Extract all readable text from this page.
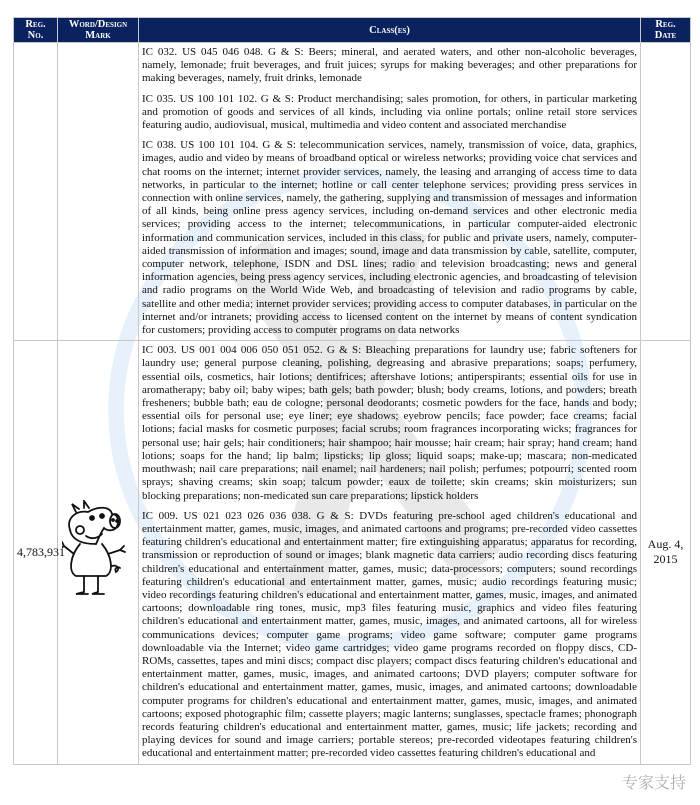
Reg. No.	Word/Design Mark	Class(es)	Reg. Date

		IC 032. US 045 046 048. G & S: Beers; mineral, and aerated waters, and other non-alcoholic beverages, namely, lemonade; fruit beverages, and fruit juices; syrups for making beverages; and other preparations for making beverages, namely, fruit drinks, lemonade

IC 035. US 100 101 102. G & S: Product merchandising; sales promotion, for others, in particular marketing and promotion of goods and services of all kinds, including via online portals; online retail store services featuring audio, audiovisual, musical, multimedia and video content and associated merchandise

IC 038. US 100 101 104. G & S: telecommunication services, namely, transmission of voice, data, graphics, images, audio and video by means of broadband optical or wireless networks; providing voice chat services and chat rooms on the internet; internet provider services, namely, the leasing and arranging of access time to data networks, in particular to the internet; hotline or call center telephone services; providing press services in connection with online services, namely, the gathering, supplying and transmission of messages and information of all kinds, being online press agency services, including on-demand services and other electronic media services; providing access to the internet; telecommunications, in particular computer-aided electronic information and communication services, included in this class, for public and private users, namely, computer-aided transmission of information and images; sound, image and data transmission by cable, satellite, computer, computer network, telephone, ISDN and DSL lines; radio and television broadcasting; news and general information agencies, being press agency services, including electronic agencies, and broadcasting of television and radio programs on the World Wide Web, and broadcasting of television and radio programs by cable, satellite and other media; internet provider services; providing access to computer databases, in particular on the internet and/or intranets; providing access to licensed content on the internet by means of content syndication for customers; providing access to computer programs on data networks	

4,783,931		IC 003. US 001 004 006 050 051 052. G & S: Bleaching preparations for laundry use; fabric softeners for laundry use; general purpose cleaning, polishing, degreasing and abrasive preparations; soaps; perfumery, essential oils, cosmetics, hair lotions; dentifrices; aftershave lotions; antiperspirants; essential oils for use in aromatherapy; baby oil; baby wipes; bath gels; bath powder; blush; body creams, lotions, and powders; breath fresheners; bubble bath; eau de cologne; personal deodorants; cosmetic powders for the face, hands and body; essential oils for personal use; eye liner; eye shadows; eyebrow pencils; face powder; face creams; facial lotions; facial masks for cosmetic purposes; facial scrubs; room fragrances incorporating wicks; fragrances for personal use; hair gels; hair conditioners; hair shampoo; hair mousse; hair cream; hair spray; hand cream; hand lotions; soaps for the hand; lip balm; lipsticks; lip gloss; liquid soaps; make-up; mascara; non-medicated mouthwash; nail care preparations; nail enamel; nail hardeners; nail polish; perfumes; potpourri; scented room sprays; shaving creams; skin soap; talcum powder; eaux de toilette; skin creams; skin moisturizers; sun blocking preparations; non-medicated sun care preparations; lipstick holders

IC 009. US 021 023 026 036 038. G & S: DVDs featuring pre-school aged children's educational and entertainment matter, games, music, images, and animated cartoons and programs; pre-recorded video cassettes featuring children's educational and entertainment matter; fire extinguishing apparatus; apparatus for recording, transmission or reproduction of sound or images; blank magnetic data carriers; audio recording discs featuring children's educational and entertainment matter, games, music; data-processors; computers; sound recordings featuring children's educational and entertainment matter, games, music; audio recordings featuring music; video recordings featuring children's educational and entertainment matter, games, music, images, and animated cartoons; downloadable ring tones, music, mp3 files featuring music, graphics and video files featuring children's educational and entertainment matter, games, music, images, and animated cartoons, all for wireless communications devices; computer game programs; video game software; computer game programs downloadable via the Internet; video game cartridges; video game programs recorded on floppy discs, CD-ROMs, cassettes, tapes and mini discs; compact disc players; compact discs featuring children's educational and entertainment matter, games, music, images, and animated cartoons; DVD players; computer software for children's educational and entertainment matter, games, music, images, and animated cartoons; downloadable computer programs for children's educational and entertainment matter, games, music, images, and animated cartoons; exposed photographic film; cassette players; magic lanterns; sunglasses, spectacle frames; phonograph records featuring children's educational and entertainment matter, games, music; life jackets; recording and playing devices for sound and image carriers; portable stereos; pre-recorded videotapes featuring children's educational and entertainment matter; pre-recorded video cassettes featuring children's educational and	Aug. 4, 2015
专家支持
